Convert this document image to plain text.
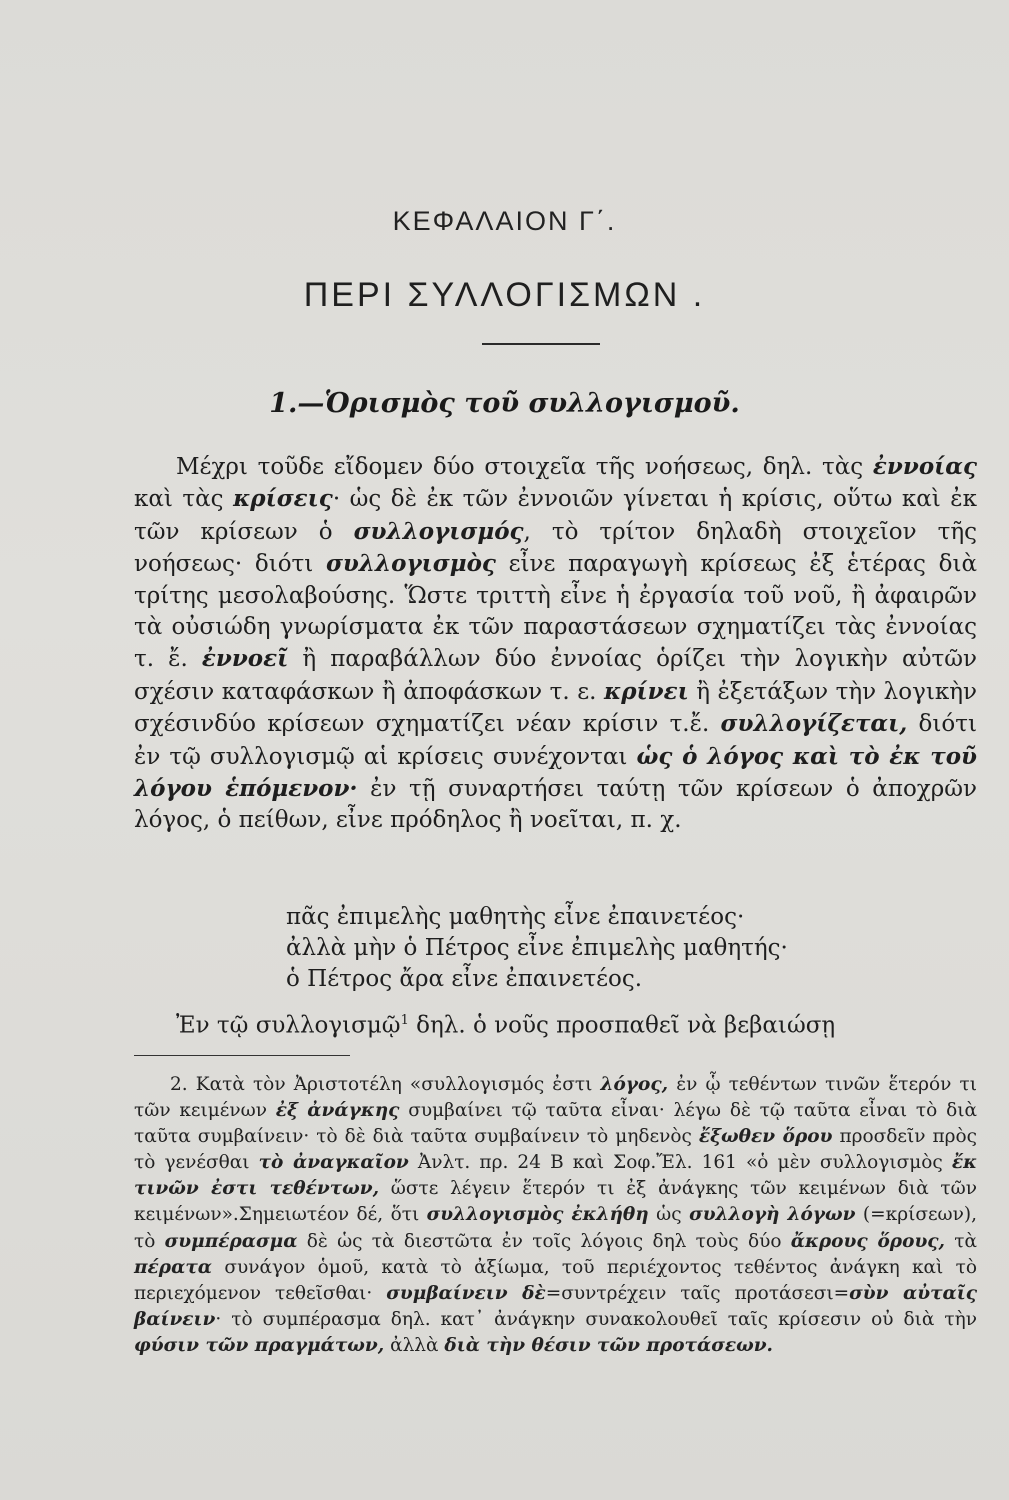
ΚΕΦΑΛΑΙΟΝ Γ΄.
ΠΕΡΙ ΣΥΛΛΟΓΙΣΜΩΝ .
1.—Ὁρισμὸς τοῦ συλλογισμοῦ.

Μέχρι τοῦδε εἴδομεν δύο στοιχεῖα τῆς νοήσεως, δηλ. τὰς ἐννοίας καὶ τὰς κρίσεις· ὡς δὲ ἐκ τῶν ἐννοιῶν γίνεται ἡ κρίσις, οὕτω καὶ ἐκ τῶν κρίσεων ὁ συλλογισμός, τὸ τρίτον δηλαδὴ στοιχεῖον τῆς νοήσεως· διότι συλλογισμὸς εἶνε παραγωγὴ κρίσεως ἐξ ἑτέρας διὰ τρίτης μεσολαβούσης. Ὥστε τριττὴ εἶνε ἡ ἐργασία τοῦ νοῦ, ἢ ἀφαιρῶν τὰ οὐσιώδη γνωρίσματα ἐκ τῶν παραστάσεων σχηματίζει τὰς ἐννοίας τ. ἔ. ἐννοεῖ ἢ παραβάλλων δύο ἐννοίας ὁρίζει τὴν λογικὴν αὐτῶν σχέσιν καταφάσκων ἢ ἀποφάσκων τ. ε. κρίνει ἢ ἐξετάξων τὴν λογικὴν σχέσινδύο κρίσεων σχηματίζει νέαν κρίσιν τ.ἔ. συλλογίζεται, διότι ἐν τῷ συλλογισμῷ αἱ κρίσεις συνέχονται ὡς ὁ λόγος καὶ τὸ ἐκ τοῦ λόγου ἑπόμενον· ἐν τῇ συναρτήσει ταύτῃ τῶν κρίσεων ὁ ἀποχρῶν λόγος, ὁ πείθων, εἶνε πρόδηλος ἢ νοεῖται, π. χ.

πᾶς ἐπιμελὴς μαθητὴς εἶνε ἐπαινετέος·
ἀλλὰ μὴν ὁ Πέτρος εἶνε ἐπιμελὴς μαθητής·
ὁ Πέτρος ἄρα εἶνε ἐπαινετέος.

Ἐν τῷ συλλογισμῷ$^1$ δηλ. ὁ νοῦς προσπαθεῖ νὰ βεβαιώσῃ

2. Κατὰ τὸν Ἀριστοτέλη «συλλογισμός ἐστι λόγος, ἐν ᾧ τεθέντων τινῶν ἕτερόν τι τῶν κειμένων ἐξ ἀνάγκης συμβαίνει τῷ ταῦτα εἶναι· λέγω δὲ τῷ ταῦτα εἶναι τὸ διὰ ταῦτα συμβαίνειν· τὸ δὲ διὰ ταῦτα συμβαίνειν τὸ μηδενὸς ἔξωθεν ὅρου προσδεῖν πρὸς τὸ γενέσθαι τὸ ἀναγκαῖον Ἀνλτ. πρ. 24 Β καὶ Σοφ.Ἔλ. 161 «ὁ μὲν συλλογισμὸς ἔκ τινῶν ἐστι τεθέντων, ὥστε λέγειν ἕτερόν τι ἐξ ἀνάγκης τῶν κειμένων διὰ τῶν κειμένων».Σημειωτέον δέ, ὅτι συλλογισμὸς ἐκλήθη ὡς συλλογὴ λόγων (=κρίσεων), τὸ συμπέρασμα δὲ ὡς τὰ διεστῶτα ἐν τοῖς λόγοις δηλ τοὺς δύο ἄκρους ὅρους, τὰ πέρατα συνάγον ὁμοῦ, κατὰ τὸ ἀξίωμα, τοῦ περιέχοντος τεθέντος ἀνάγκη καὶ τὸ περιεχόμενον τεθεῖσθαι· συμβαίνειν δὲ=συντρέχειν ταῖς προτάσεσι=σὺν αὐταῖς βαίνειν· τὸ συμπέρασμα δηλ. κατ᾽ ἀνάγκην συνακολουθεῖ ταῖς κρίσεσιν οὐ διὰ τὴν φύσιν τῶν πραγμάτων, ἀλλὰ διὰ τὴν θέσιν τῶν προτάσεων.
